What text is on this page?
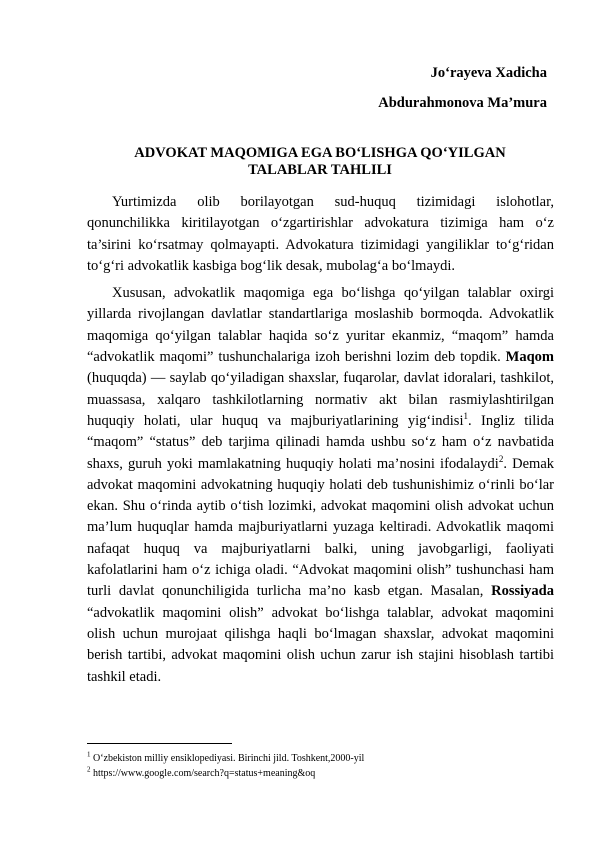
Jo‘rayeva Xadicha
Abdurahmonova Ma’mura
ADVOKAT MAQOMIGA EGA BO‘LISHGA QO‘YILGAN
TALABLAR TAHLILI

Yurtimizda olib borilayotgan sud-huquq tizimidagi islohotlar, qonunchilikka kiritilayotgan o‘zgartirishlar advokatura tizimiga ham o‘z ta’sirini ko‘rsatmay qolmayapti. Advokatura tizimidagi yangiliklar to‘g‘ridan to‘g‘ri advokatlik kasbiga bog‘lik desak, mubolag‘a bo‘lmaydi.

Xususan, advokatlik maqomiga ega bo‘lishga qo‘yilgan talablar oxirgi yillarda rivojlangan davlatlar standartlariga moslashib bormoqda. Advokatlik maqomiga qo‘yilgan talablar haqida so‘z yuritar ekanmiz, “maqom” hamda “advokatlik maqomi” tushunchalariga izoh berishni lozim deb topdik. Maqom (huquqda) — saylab qo‘yiladigan shaxslar, fuqarolar, davlat idoralari, tashkilot, muassasa, xalqaro tashkilotlarning normativ akt bilan rasmiylashtirilgan huquqiy holati, ular huquq va majburiyatlarining yig‘indisi$^1$. Ingliz tilida “maqom” “status” deb tarjima qilinadi hamda ushbu so‘z ham o‘z navbatida shaxs, guruh yoki mamlakatning huquqiy holati ma’nosini ifodalaydi$^2$. Demak advokat maqomini advokatning huquqiy holati deb tushunishimiz o‘rinli bo‘lar ekan. Shu o‘rinda aytib o‘tish lozimki, advokat maqomini olish advokat uchun ma’lum huquqlar hamda majburiyatlarni yuzaga keltiradi. Advokatlik maqomi nafaqat huquq va majburiyatlarni balki, uning javobgarligi, faoliyati kafolatlarini ham o‘z ichiga oladi. “Advokat maqomini olish” tushunchasi ham turli davlat qonunchiligida turlicha ma’no kasb etgan. Masalan, Rossiyada “advokatlik maqomini olish” advokat bo‘lishga talablar, advokat maqomini olish uchun murojaat qilishga haqli bo‘lmagan shaxslar, advokat maqomini berish tartibi, advokat maqomini olish uchun zarur ish stajini hisoblash tartibi tashkil etadi.

$^1$ O‘zbekiston milliy ensiklopediyasi. Birinchi jild. Toshkent,2000-yil
$^2$ https://www.google.com/search?q=status+meaning&oq
